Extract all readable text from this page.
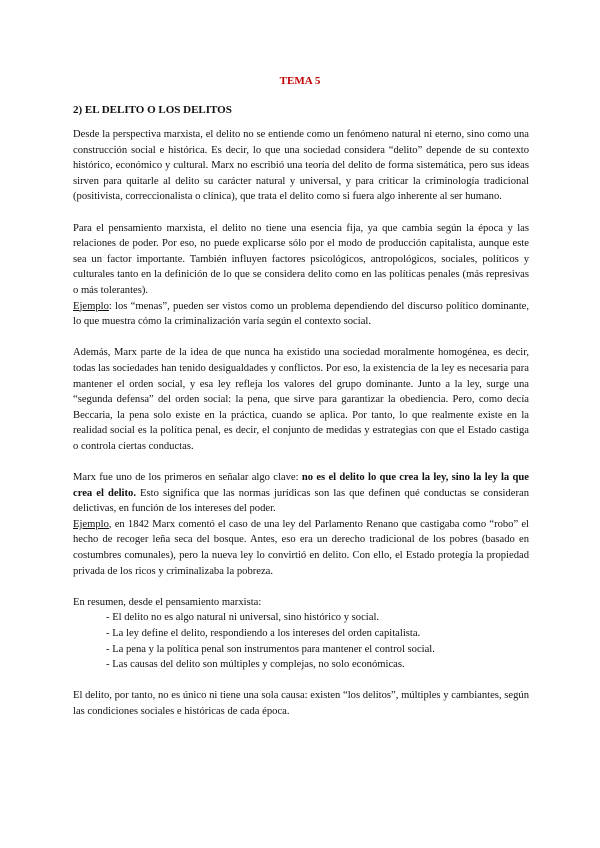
TEMA 5
2) EL DELITO O LOS DELITOS

Desde la perspectiva marxista, el delito no se entiende como un fenómeno natural ni eterno, sino como una construcción social e histórica. Es decir, lo que una sociedad considera “delito” depende de su contexto histórico, económico y cultural. Marx no escribió una teoría del delito de forma sistemática, pero sus ideas sirven para quitarle al delito su carácter natural y universal, y para criticar la criminología tradicional (positivista, correccionalista o clínica), que trata el delito como si fuera algo inherente al ser humano.

Para el pensamiento marxista, el delito no tiene una esencia fija, ya que cambia según la época y las relaciones de poder. Por eso, no puede explicarse sólo por el modo de producción capitalista, aunque este sea un factor importante. También influyen factores psicológicos, antropológicos, sociales, políticos y culturales tanto en la definición de lo que se considera delito como en las políticas penales (más represivas o más tolerantes).

Ejemplo: los “menas”, pueden ser vistos como un problema dependiendo del discurso político dominante, lo que muestra cómo la criminalización varía según el contexto social.

Además, Marx parte de la idea de que nunca ha existido una sociedad moralmente homogénea, es decir, todas las sociedades han tenido desigualdades y conflictos. Por eso, la existencia de la ley es necesaria para mantener el orden social, y esa ley refleja los valores del grupo dominante. Junto a la ley, surge una “segunda defensa” del orden social: la pena, que sirve para garantizar la obediencia. Pero, como decía Beccaria, la pena solo existe en la práctica, cuando se aplica. Por tanto, lo que realmente existe en la realidad social es la política penal, es decir, el conjunto de medidas y estrategias con que el Estado castiga o controla ciertas conductas.

Marx fue uno de los primeros en señalar algo clave: no es el delito lo que crea la ley, sino la ley la que crea el delito. Esto significa que las normas jurídicas son las que definen qué conductas se consideran delictivas, en función de los intereses del poder.

Ejemplo, en 1842 Marx comentó el caso de una ley del Parlamento Renano que castigaba como “robo” el hecho de recoger leña seca del bosque. Antes, eso era un derecho tradicional de los pobres (basado en costumbres comunales), pero la nueva ley lo convirtió en delito. Con ello, el Estado protegía la propiedad privada de los ricos y criminalizaba la pobreza.

En resumen, desde el pensamiento marxista:

- El delito no es algo natural ni universal, sino histórico y social.
- La ley define el delito, respondiendo a los intereses del orden capitalista.
- La pena y la política penal son instrumentos para mantener el control social.
- Las causas del delito son múltiples y complejas, no solo económicas.

El delito, por tanto, no es único ni tiene una sola causa: existen “los delitos”, múltiples y cambiantes, según las condiciones sociales e históricas de cada época.
